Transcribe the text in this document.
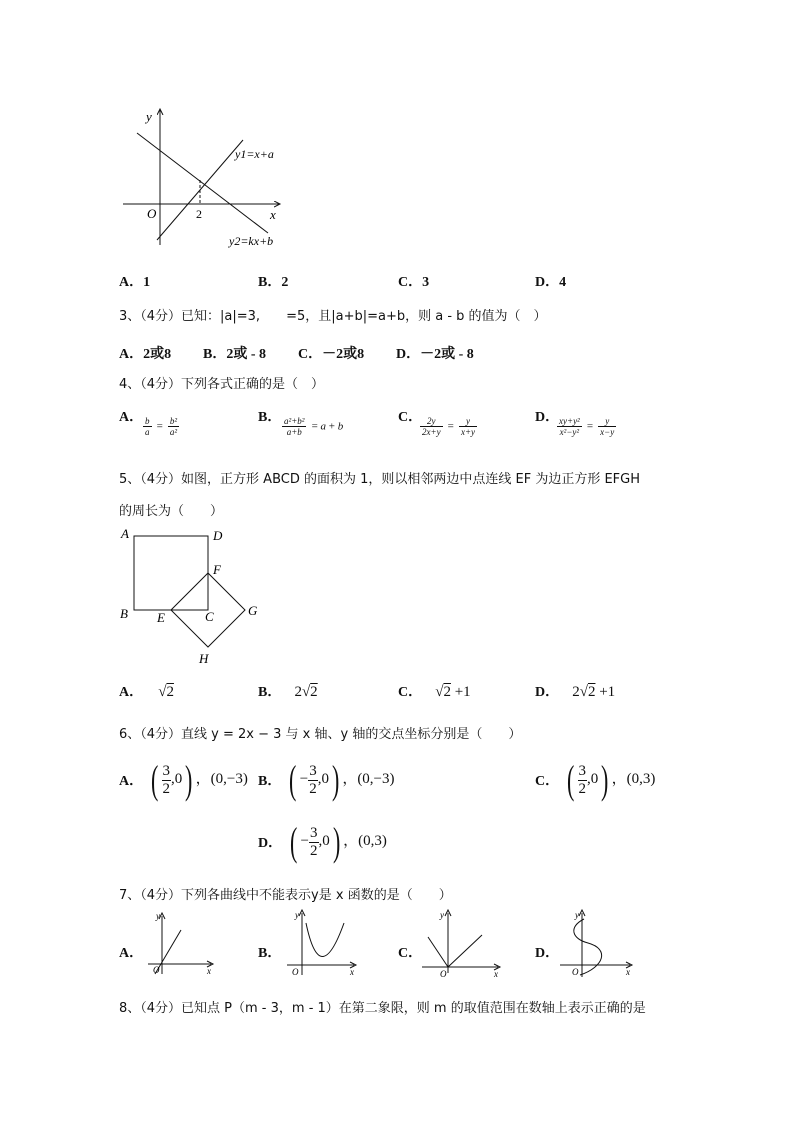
y
x
O	2
y1=x+a
y2=kx+b
A．1	B．2	C．3	D．4
3、（4分）已知：|a|=3,　　=5，且|a+b|=a+b，则 a - b 的值为（　）
A．2或8 B．2或 - 8 C．－2或8 D．－2或 - 8
4、（4分）下列各式正确的是（　）
A． $\frac{b}{a} = \frac{\text{b²}}{\text{a²}}$	B． $\frac{\text{a²+b²}}{a+b} = a + b$
C．
$\frac{2y}{2x+y} = \frac{y}{x+y}$	D．
$\frac{\text{xy+y²}}{\text{x²−y²}} = \frac{y}{x-y}$
5、（4分）如图，正方形 ABCD 的面积为 1，则以相邻两边中点连线 EF 为边正方形 EFGH
的周长为（　　）
A	D
F
B E	C	G
H
A． √2	B． 2√2	C． √2 +1	D． 2√2 +1
6、（4分）直线 y = 2x − 3 与 x 轴、y 轴的交点坐标分别是（　　）
A． ( $\frac{3}{2} ,0$) ，(0,−3) B． ( − $\frac{3}{2} ,0$) ，(0,−3)	C． ( $\frac{3}{2} ,0$) ，(0,3)
D． ( − $\frac{3}{2} ,0$) ，(0,3)
7、（4分）下列各曲线中不能表示y是 x 函数的是（　　）
A．
y
x
O
B．
y
x
O
C．
y
x
O
D．
y
x
O
8、（4分）已知点 P（m - 3，m - 1）在第二象限，则 m 的取值范围在数轴上表示正确的是
